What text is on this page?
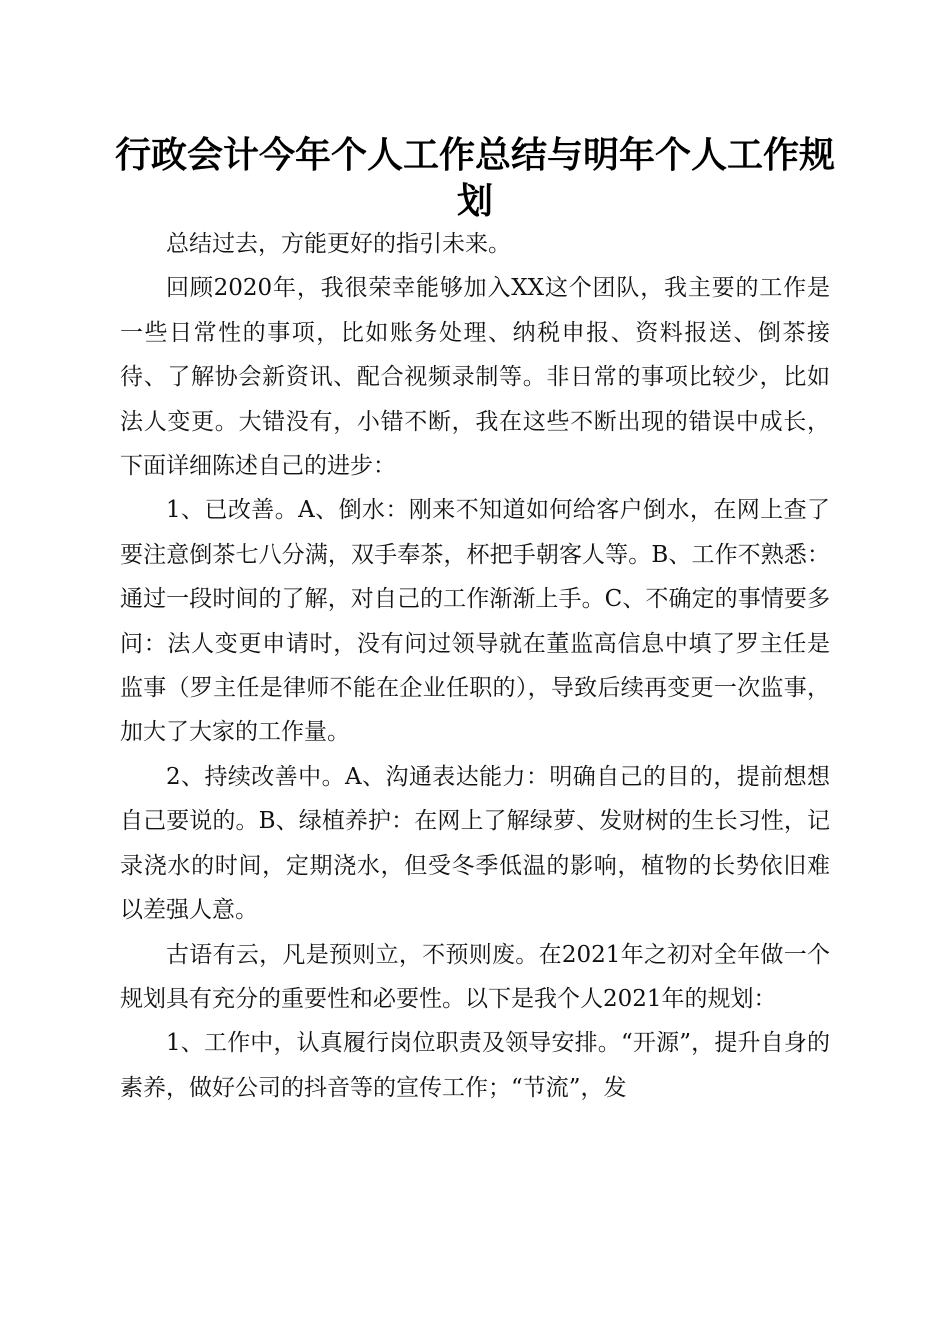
行政会计今年个人工作总结与明年个人工作规划

总结过去，方能更好的指引未来。

回顾2020年，我很荣幸能够加入XX这个团队，我主要的工作是一些日常性的事项，比如账务处理、纳税申报、资料报送、倒茶接待、了解协会新资讯、配合视频录制等。非日常的事项比较少，比如法人变更。大错没有，小错不断，我在这些不断出现的错误中成长，下面详细陈述自己的进步：

1、已改善。A、倒水：刚来不知道如何给客户倒水，在网上查了要注意倒茶七八分满，双手奉茶，杯把手朝客人等。B、工作不熟悉：通过一段时间的了解，对自己的工作渐渐上手。C、不确定的事情要多问：法人变更申请时，没有问过领导就在董监高信息中填了罗主任是监事（罗主任是律师不能在企业任职的），导致后续再变更一次监事，加大了大家的工作量。

2、持续改善中。A、沟通表达能力：明确自己的目的，提前想想自己要说的。B、绿植养护：在网上了解绿萝、发财树的生长习性，记录浇水的时间，定期浇水，但受冬季低温的影响，植物的长势依旧难以差强人意。

古语有云，凡是预则立，不预则废。在2021年之初对全年做一个规划具有充分的重要性和必要性。以下是我个人2021年的规划：

1、工作中，认真履行岗位职责及领导安排。“开源”，提升自身的素养，做好公司的抖音等的宣传工作；“节流”，发
